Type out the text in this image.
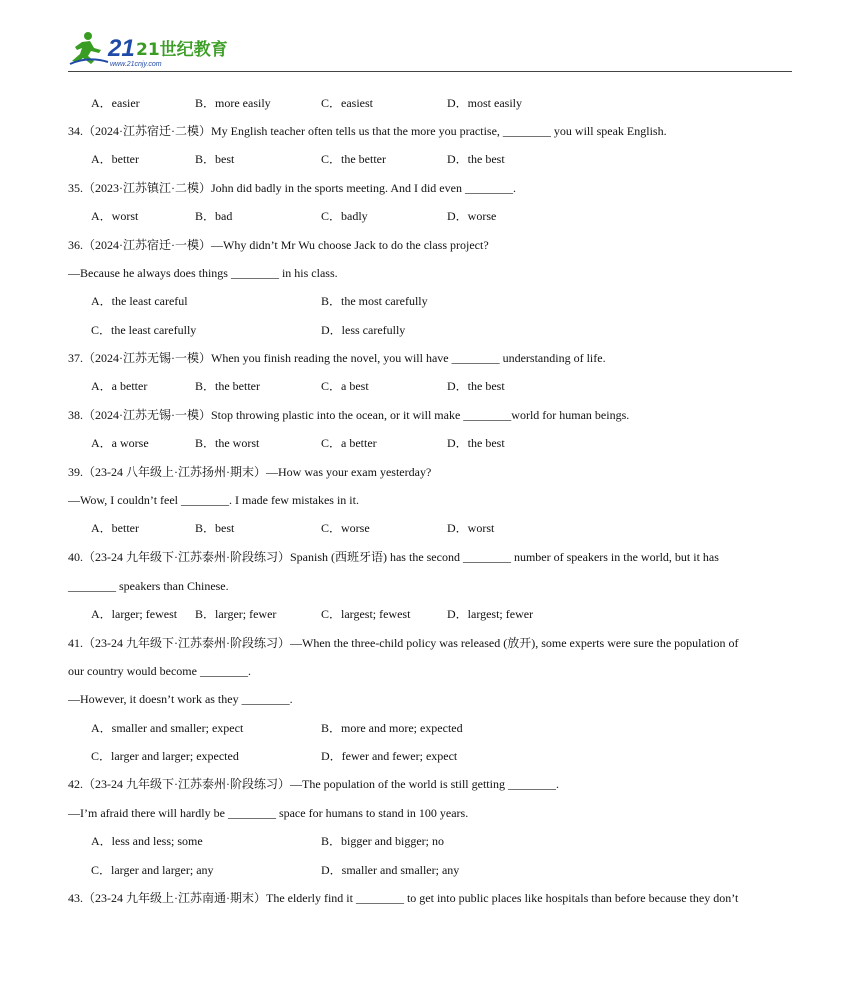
21 21世纪教育
www.21cnjy.com
34.（2024·江苏宿迁·二模）My English teacher often tells us that the more you practise, ________ you will speak English.
35.（2023·江苏镇江·二模）John did badly in the sports meeting. And I did even ________.
36.（2024·江苏宿迁·一模）—Why didn’t Mr Wu choose Jack to do the class project?
—Because he always does things ________ in his class.
37.（2024·江苏无锡·一模）When you finish reading the novel, you will have ________ understanding of life.
38.（2024·江苏无锡·一模）Stop throwing plastic into the ocean, or it will make ________world for human beings.
39.（23-24 八年级上·江苏扬州·期末）—How was your exam yesterday?
—Wow, I couldn’t feel ________. I made few mistakes in it.
40.（23-24 九年级下·江苏泰州·阶段练习）Spanish (西班牙语) has the second ________ number of speakers in the world, but it has
________ speakers than Chinese.
41.（23-24 九年级下·江苏泰州·阶段练习）—When the three-child policy was released (放开), some experts were sure the population of
our country would become ________.
—However, it doesn’t work as they ________.
42.（23-24 九年级下·江苏泰州·阶段练习）—The population of the world is still getting ________.
—I’m afraid there will hardly be ________ space for humans to stand in 100 years.
43.（23-24 九年级上·江苏南通·期末）The elderly find it ________ to get into public places like hospitals than before because they don’t
A．easier	B．more easily	C．easiest	D．most easily
A．better	B．best	C．the better	D．the best
A．worst	B．bad	C．badly	D．worse
A．the least careful	B．the most carefully
C．the least carefully	D．less carefully
A．a better	B．the better	C．a best	D．the best
A．a worse	B．the worst	C．a better	D．the best
A．better	B．best	C．worse	D．worst
A．larger; fewest B．larger; fewer	C．largest; fewest	D．largest; fewer
A．smaller and smaller; expect	B．more and more; expected
C．larger and larger; expected	D．fewer and fewer; expect
A．less and less; some	B．bigger and bigger; no
C．larger and larger; any	D．smaller and smaller; any
